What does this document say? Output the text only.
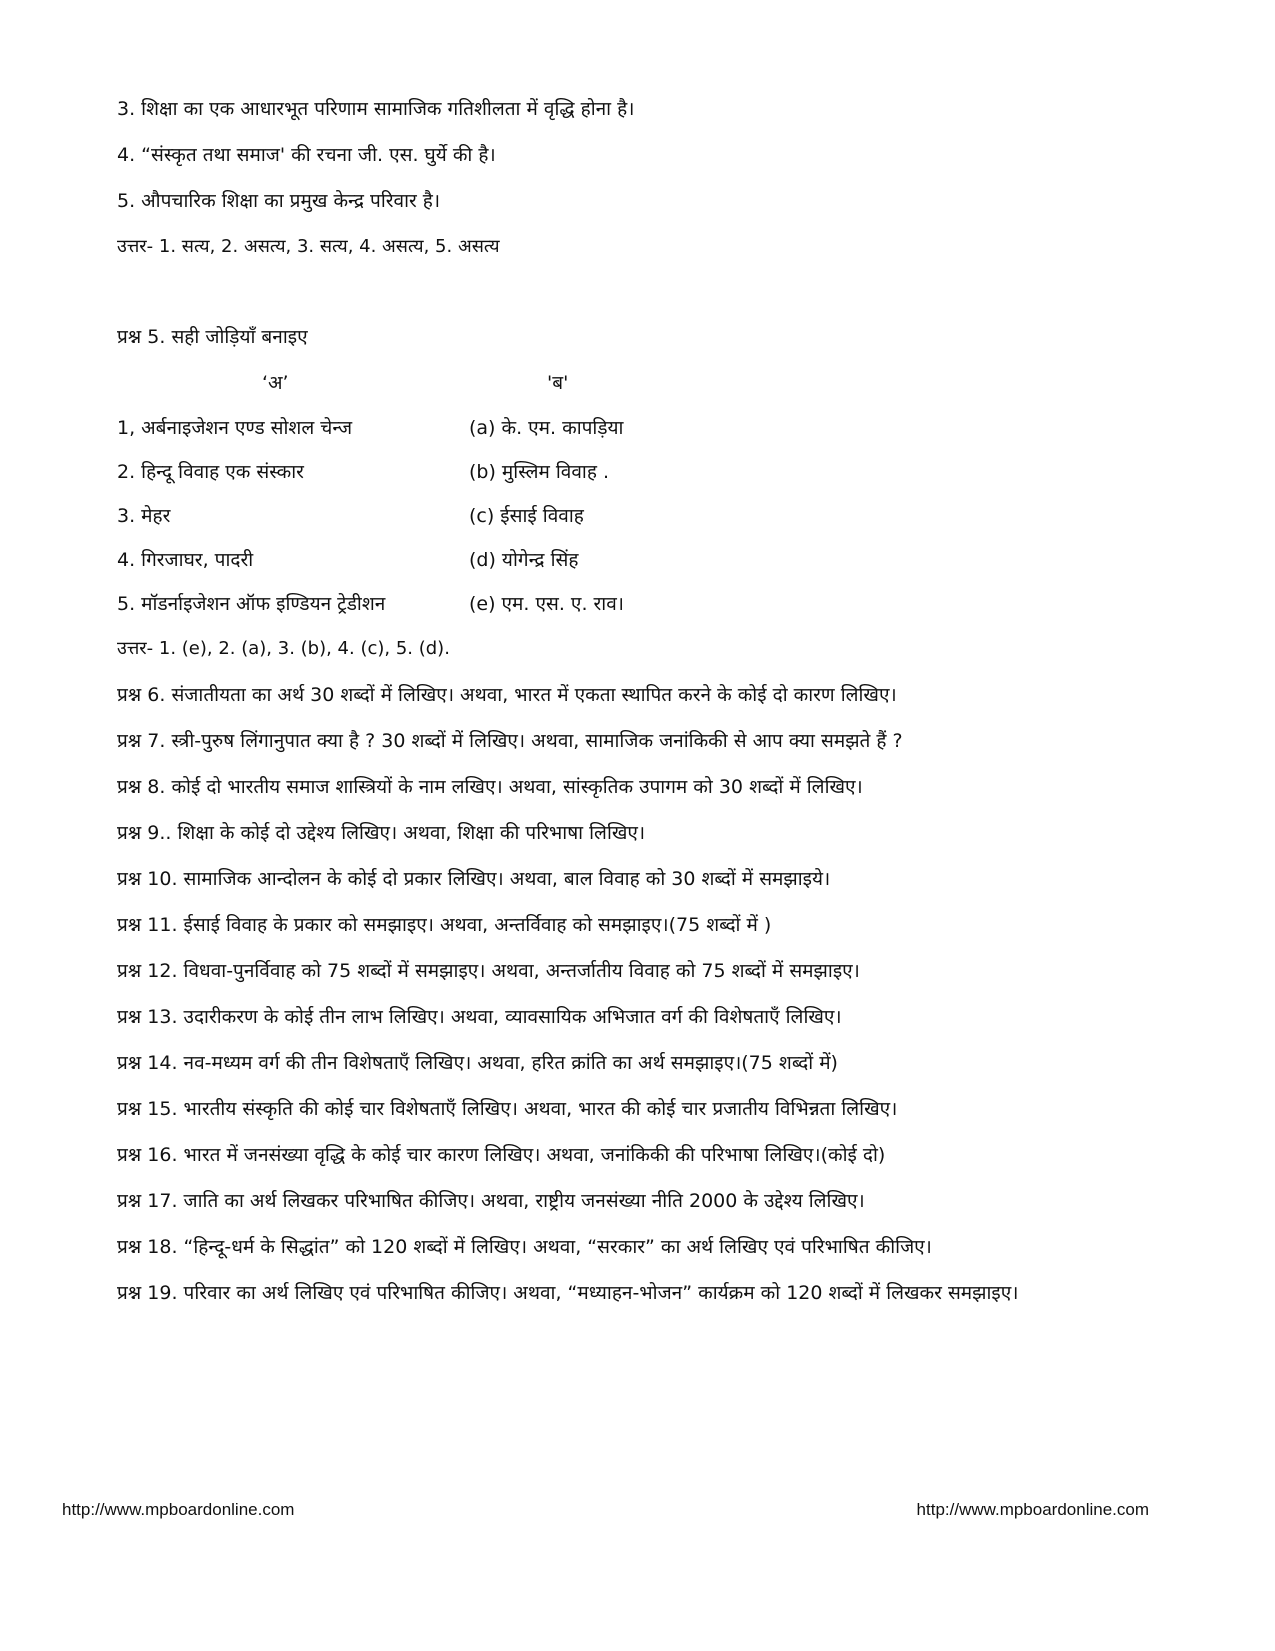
3. शिक्षा का एक आधारभूत परिणाम सामाजिक गतिशीलता में वृद्धि होना है।
4. “संस्कृत तथा समाज' की रचना जी. एस. घुर्ये की है।
5. औपचारिक शिक्षा का प्रमुख केन्द्र परिवार है।
उत्तर- 1. सत्य, 2. असत्य, 3. सत्य, 4. असत्य, 5. असत्य
प्रश्न 5. सही जोड़ियाँ बनाइए
‘अ’	'ब'
1, अर्बनाइजेशन एण्ड सोशल चेन्ज	(a) के. एम. कापड़िया
2. हिन्दू विवाह एक संस्कार	(b) मुस्लिम विवाह .
3. मेहर	(c) ईसाई विवाह
4. गिरजाघर, पादरी	(d) योगेन्द्र सिंह
5. मॉडर्नाइजेशन ऑफ इण्डियन ट्रेडीशन	(e) एम. एस. ए. राव।
उत्तर- 1. (e), 2. (a), 3. (b), 4. (c), 5. (d).
प्रश्न 6. संजातीयता का अर्थ 30 शब्दों में लिखिए। अथवा, भारत में एकता स्थापित करने के कोई दो कारण लिखिए।
प्रश्न 7. स्त्री-पुरुष लिंगानुपात क्या है ? 30 शब्दों में लिखिए। अथवा, सामाजिक जनांकिकी से आप क्या समझते हैं ?
प्रश्न 8. कोई दो भारतीय समाज शास्त्रियों के नाम लखिए। अथवा, सांस्कृतिक उपागम को 30 शब्दों में लिखिए।
प्रश्न 9.. शिक्षा के कोई दो उद्देश्य लिखिए। अथवा, शिक्षा की परिभाषा लिखिए।
प्रश्न 10. सामाजिक आन्दोलन के कोई दो प्रकार लिखिए। अथवा, बाल विवाह को 30 शब्दों में समझाइये।
प्रश्न 11. ईसाई विवाह के प्रकार को समझाइए। अथवा, अन्तर्विवाह को समझाइए।(75 शब्दों में )
प्रश्न 12. विधवा-पुनर्विवाह को 75 शब्दों में समझाइए। अथवा, अन्तर्जातीय विवाह को 75 शब्दों में समझाइए।
प्रश्न 13. उदारीकरण के कोई तीन लाभ लिखिए। अथवा, व्यावसायिक अभिजात वर्ग की विशेषताएँ लिखिए।
प्रश्न 14. नव-मध्यम वर्ग की तीन विशेषताएँ लिखिए। अथवा, हरित क्रांति का अर्थ समझाइए।(75 शब्दों में)
प्रश्न 15. भारतीय संस्कृति की कोई चार विशेषताएँ लिखिए। अथवा, भारत की कोई चार प्रजातीय विभिन्नता लिखिए।
प्रश्न 16. भारत में जनसंख्या वृद्धि के कोई चार कारण लिखिए। अथवा, जनांकिकी की परिभाषा लिखिए।(कोई दो)
प्रश्न 17. जाति का अर्थ लिखकर परिभाषित कीजिए। अथवा, राष्ट्रीय जनसंख्या नीति 2000 के उद्देश्य लिखिए।
प्रश्न 18. “हिन्दू-धर्म के सिद्धांत” को 120 शब्दों में लिखिए। अथवा, “सरकार” का अर्थ लिखिए एवं परिभाषित कीजिए।
प्रश्न 19. परिवार का अर्थ लिखिए एवं परिभाषित कीजिए। अथवा, “मध्याहन-भोजन” कार्यक्रम को 120 शब्दों में लिखकर समझाइए।
http://www.mpboardonline.com	http://www.mpboardonline.com
